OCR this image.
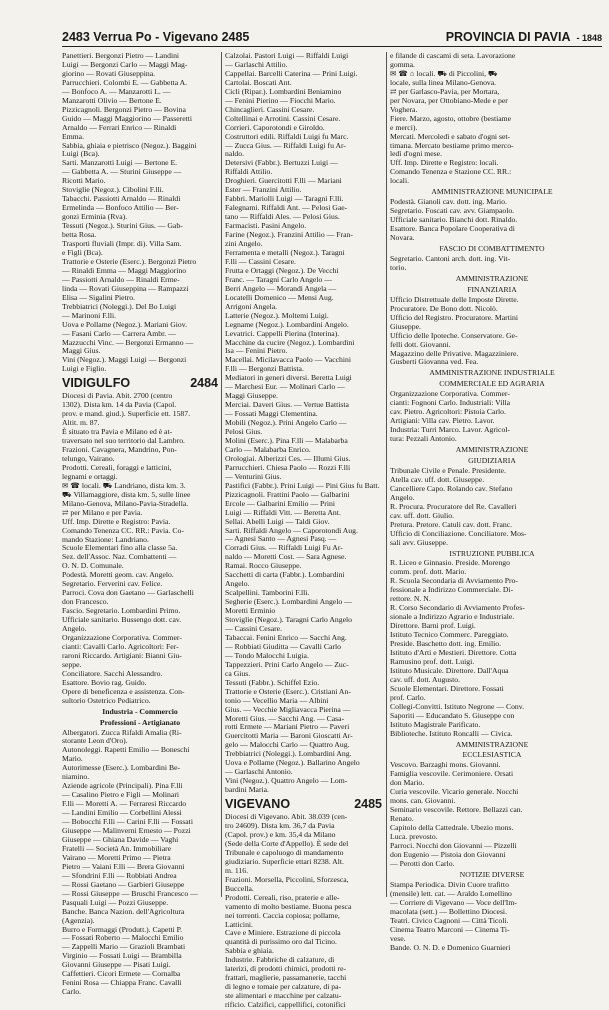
2483 Verrua Po - Vigevano 2485	PROVINCIA DI PAVIA - 1848

Panettieri. Bergonzi Pietro — Landini

Luigi — Bergonzi Carlo — Maggi Mag-

giorino — Rovati Giuseppina.

Parrucchieri. Colombi E. — Gabbetta A.

— Bonfoco A. — Manzarotti L. —

Manzarotti Olivio — Bertone E.

Pizzicagnoli. Bergonzi Pietro — Bovina

Guido — Maggi Maggiorino — Passeretti

Arnaldo — Ferrari Enrico — Rinaldi

Emma.

Sabbia, ghiaia e pietrisco (Negoz.). Baggini

Luigi (Bca).

Sarti. Manzarotti Luigi — Bertone E.

— Gabbetta A. — Sturini Giuseppe —

Ricotti Mario.

Stoviglie (Negoz.). Cibolini F.lli.

Tabacchi. Passiotti Arnaldo — Rinaldi

Ermelinda — Bonfoco Attilio — Ber-

gonzi Erminia (Rva).

Tessuti (Negoz.). Sturini Gius. — Gab-

betta Rosa.

Trasporti fluviali (Impr. di). Villa Sam.

e Figli (Bca).

Trattorie e Osterie (Eserc.). Bergonzi Pietro

— Rinaldi Emma — Maggi Maggiorino

— Passiotti Arnaldo — Rinaldi Erme-

linda — Rovati Giuseppina — Rampazzi

Elisa — Sigalini Pietro.

Trebbiatrici (Noleggi.). Del Bo Luigi

— Marinoni F.lli.

Uova e Pollame (Negoz.). Mariani Giov.

— Fasani Carlo — Carrera Ambr. —

Mazzucchi Vinc. — Bergonzi Ermanno —

Maggi Gius.

Vini (Negoz.). Maggi Luigi — Bergonzi

Luigi e Figlio.

VIDIGULFO	2484

Diocesi di Pavia. Abit. 2700 (centro

1302). Dista km. 14 da Pavia (Capol.

prov. e mand. giud.). Superficie ett. 1587.

Altit. m. 87.

È situato tra Pavia e Milano ed è at-

traversato nel suo territorio dal Lambro.

Frazioni. Cavagnera, Mandrino, Pon-

telungo, Vairano.

Prodotti. Cereali, foraggi e latticini,

legnami e ortaggi.

✉ ☎ locali. ⛟ Landriano, dista km. 3.

⛟ Villamaggiore, dista km. 5, sulle linee

Milano-Genova, Milano-Pavia-Stradella.

⇄ per Milano e per Pavia.

Uff. Imp. Dirette e Registro: Pavia.

Comando Tenenza CC. RR.: Pavia. Co-

mando Stazione: Landriano.

Scuole Elementari fino alla classe 5a.

Sez. dell'Assoc. Naz. Combattenti —

O. N. D. Comunale.

Podestà. Moretti geom. cav. Angelo.

Segretario. Ferverini cav. Felice.

Parroci. Cova don Gaetano — Garlaschelli

don Francesco.

Fascio. Segretario. Lombardini Primo.

Ufficiale sanitario. Bussengo dott. cav.

Angelo.

Organizzazione Corporativa. Commer-

cianti: Cavalli Carlo. Agricoltori: Fer-

raroni Riccardo. Artigiani: Bianni Giu-

seppe.

Conciliatore. Sacchi Alessandro.

Esattore. Bovio rag. Guido.

Opere di beneficenza e assistenza. Con-

sultorio Ostetrico Pediatrico.

Industria - Commercio
Professioni - Artigianato

Albergatori. Zucca Rifaldi Amalia (Ri-

storante Leon d'Oro).

Autonoleggi. Rapetti Emilio — Boneschi

Mario.

Autorimesse (Eserc.). Lombardini Be-

niamino.

Aziende agricole (Principali). Pina F.lli

— Casalino Pietro e Figli — Molinari

F.lli — Moretti A. — Ferraresi Riccardo

— Landini Emilio — Corbellini Alessi

— Bobocchi F.lli — Carini F.lli — Fossati

Giuseppe — Malinverni Ernesto — Pozzi

Giuseppe — Ghiana Davide — Vaghi

Fratelli — Società An. Immobiliare

Vairano — Moretti Primo — Pietra

Pietro — Vaiani F.lli — Brera Giovanni

— Sfondrini F.lli — Robbiati Andrea

— Rossi Gaetano — Garbieri Giuseppe

— Rossi Giuseppe — Bruschi Francesco —

Pasquali Luigi — Pozzi Giuseppe.

Banche. Banca Nazion. dell'Agricoltura

(Agenzia).

Burro e Formaggi (Produtt.). Capetti P.

— Fossati Roberto — Malocchi Emilio

— Zappelli Mario — Grazioli Brambati

Virginio — Fossati Luigi — Brambilla

Giovanni Giuseppe — Pisati Luigi.

Caffettieri. Cicori Ermete — Cornalba

Fenini Rosa — Chiappa Franc. Cavalli

Carlo.

Calzolai. Pastori Luigi — Riffaldi Luigi

— Garlaschi Attilio.

Cappellai. Barcelli Caterina — Prini Luigi.

Cartolai. Boscati Ant.

Cicli (Ripar.). Lombardini Beniamino

— Fenini Pierino — Fiocchi Mario.

Chincaglieri. Cassini Cesare.

Coltellinai e Arrotini. Cassini Cesare.

Corrieri. Caporotondi e Giroldo.

Costruttori edili. Riffaldi Luigi fu Marc.

— Zucca Gius. — Riffaldi Luigi fu Ar-

naldo.

Detersivi (Fabbr.). Bertuzzi Luigi —

Riffaldi Attilio.

Droghieri. Guercitotti F.lli — Mariani

Ester — Franzini Attilio.

Fabbri. Mariolli Luigi — Taragni F.lli.

Falegnami. Riffaldi Ant. — Pelosi Gae-

tano — Riffaldi Ales. — Pelosi Gius.

Farmacisti. Pasini Angelo.

Farine (Negoz.). Franzini Attilio — Fran-

zini Angelo.

Ferramenta e metalli (Negoz.). Taragni

F.lli — Cassini Cesare.

Frutta e Ortaggi (Negoz.). De Vecchi

Franc. — Taragni Carlo Angelo —

Berri Angelo — Morandi Angela —

Locatelli Domenico — Mensi Aug.

Arrigoni Angela.

Latterie (Negoz.). Moltemi Luigi.

Legname (Negoz.). Lombardini Angelo.

Levatrici. Cappelli Pierina (Interina).

Macchine da cucire (Negoz.). Lombardini

Isa — Fenini Pietro.

Macellai. Micilavacca Paolo — Vacchini

F.lli — Bergonzi Battista.

Mediatori in generi diversi. Beretta Luigi

— Marchesi Eur. — Molinari Carlo —

Maggi Giuseppe.

Merciai. Daveri Gius. — Vertue Battista

— Fossati Maggi Clementina.

Mobili (Negoz.). Prini Angelo Carlo —

Pelosi Gius.

Molini (Eserc.). Pina F.lli — Malabarba

Carlo — Malabarba Enrico.

Orologiai. Alberizzi Ces. — Illumi Gius.

Parrucchieri. Chiesa Paolo — Rozzi F.lli

— Venturini Gius.

Pastifici (Fabbr.). Prini Luigi — Pini Gius fu Batt.

Pizzicagnoli. Frattini Paolo — Galbarini

Ercole — Galbarini Emilio — Prini

Luigi — Riffaldi Vitt. — Beretta Ant.

Sellai. Abelli Luigi — Taldi Giov.

Sarti. Riffaldi Angelo — Caporotondi Aug.

— Agnesi Santo — Agnesi Pasq. —

Corradi Gius. — Riffaldi Luigi Fu Ar-

naldo — Moretti Cost. — Sara Agnese.

Ramai. Rocco Giuseppe.

Sacchetti di carta (Fabbr.). Lombardini

Angelo.

Scalpellini. Tamborini F.lli.

Segherie (Eserc.). Lombardini Angelo —

Moretti Erminio

Stoviglie (Negoz.). Taragni Carlo Angelo

— Cassini Cesare.

Tabaccai. Fenini Enrico — Sacchi Ang.

— Robbiati Giuditta — Cavalli Carlo

— Tondo Malocchi Luigia.

Tappezzieri. Prini Carlo Angelo — Zuc-

ca Gius.

Tessuti (Fabbr.). Schiffel Ezio.

Trattorie e Osterie (Eserc.). Cristiani An-

tonio — Vecellio Maria — Albini

Gius. — Vecchie Migliavacca Pierina —

Moretti Gius. — Sacchi Ang. — Casa-

rotti Ermete — Mariani Pietro — Paveri

Guercitotti Maria — Baroni Gioscatti Ar-

gelo — Malocchi Carlo — Quattro Aug.

Trebbiatrici (Noleggi.). Lombardini Ang.

Uova e Pollame (Negoz.). Ballarino Angelo

— Garlaschi Antonio.

Vini (Negoz.). Quattro Angelo — Lom-

bardini Maria.

VIGEVANO	2485

Diocesi di Vigevano. Abit. 38.039 (cen-

tro 24609). Dista km. 36,7 da Pavia

(Capol. prov.) e km. 35,4 da Milano

(Sede della Corte d'Appello). È sede del

Tribunale e capoluogo di mandamento

giudiziario. Superficie ettari 8238. Alt.

m. 116.

Frazioni. Morsella, Piccolini, Sforzesca,

Buccella.

Prodotti. Cereali, riso, praterie e alle-

vamento di molto bestiame. Buona pesca

nei torrenti. Caccia copiosa; pollame,

Latticini.

Cave e Miniere. Estrazione di piccola

quantità di purissimo oro dal Ticino.

Sabbia e ghiaia.

Industrie. Fabbriche di calzature, di

laterizi, di prodotti chimici, prodotti re-

frattari, maglierie, passamanerie, tacchi

di legno e tomaie per calzature, di pa-

ste alimentari e macchine per calzatu-

rificio. Calzifici, cappellifici, cotonifici

e filande di cascami di seta. Lavorazione

gomma.

✉ ☎ ⌂ locali. ⛟ di Piccolini, ⛟

locale, sulla linea Milano-Genova.

⇄ per Garlasco-Pavia, per Mortara,

per Novara, per Ottobiano-Mede e per

Voghera.

Fiere. Marzo, agosto, ottobre (bestiame

e merci).

Mercati. Mercoledì e sabato d'ogni set-

timana. Mercato bestiame primo merco-

ledì d'ogni mese.

Uff. Imp. Dirette e Registro: locali.

Comando Tenenza e Stazione CC. RR.:

locali.

AMMINISTRAZIONE MUNICIPALE

Podestà. Gianoli cav. dott. ing. Mario.

Segretario. Foscati cav. avv. Giampaolo.

Ufficiale sanitario. Bianchi dott. Rinaldo.

Esattore. Banca Popolare Cooperativa di

Novara.

FASCIO DI COMBATTIMENTO

Segretario. Cantoni arch. dott. ing. Vit-

torio.

AMMINISTRAZIONE
FINANZIARIA

Ufficio Distrettuale delle Imposte Dirette.

Procuratore. De Bono dott. Nicolò.

Ufficio del Registro. Procuratore. Martini

Giuseppe.

Ufficio delle Ipoteche. Conservatore. Ge-

felli dott. Giovanni.

Magazzino delle Privative. Magazziniere.

Gusberti Giovanna ved. Fea.

AMMINISTRAZIONE INDUSTRIALE
COMMERCIALE ED AGRARIA

Organizzazione Corporativa. Commer-

cianti: Fognoni Carlo. Industriali: Villa

cav. Pietro. Agricoltori: Pistoia Carlo.

Artigiani: Villa cav. Pietro. Lavor.

Industria: Turri Marco. Lavor. Agricol-

tura: Pezzali Antonio.

AMMINISTRAZIONE
GIUDIZIARIA

Tribunale Civile e Penale. Presidente.

Atella cav. uff. dott. Giuseppe.

Cancelliere Capo. Rolando cav. Stefano

Angelo.

R. Procura. Procuratore del Re. Cavalleri

cav. uff. dott. Giulio.

Pretura. Pretore. Catuli cav. dott. Franc.

Ufficio di Conciliazione. Conciliatore. Mos-

sali avv. Giuseppe.

ISTRUZIONE PUBBLICA

R. Liceo e Ginnasio. Preside. Morengo

comm. prof. dott. Mario.

R. Scuola Secondaria di Avviamento Pro-

fessionale a Indirizzo Commerciale. Di-

rettore. N. N.

R. Corso Secondario di Avviamento Profes-

sionale a Indirizzo Agrario e Industriale.

Direttore. Barni prof. Luigi.

Istituto Tecnico Commerc. Pareggiato.

Preside. Baschetto dott. ing. Emilio.

Istituto d'Arti e Mestieri. Direttore. Cotta

Ramusino prof. dott. Luigi.

Istituto Musicale. Direttore. Dall'Aqua

cav. uff. dott. Augusto.

Scuole Elementari. Direttore. Fossati

prof. Carlo.

Collegi-Convitti. Istituto Negrone — Conv.

Saporiti — Educandato S. Giuseppe con

Istituto Magistrale Parificato.

Biblioteche. Istituto Roncalli — Civica.

AMMINISTRAZIONE
ECCLESIASTICA

Vescovo. Barzaghi mons. Giovanni.

Famiglia vescovile. Cerimoniere. Orsati

don Mario.

Curia vescovile. Vicario generale. Nocchi

mons. can. Giovanni.

Seminario vescovile. Rettore. Bellazzi can.

Renato.

Capitolo della Cattedrale. Ubezio mons.

Luca. prevosto.

Parroci. Nocchi don Giovanni — Pizzelli

don Eugenio — Pistoia don Giovanni

— Perotti don Carlo.

NOTIZIE DIVERSE

Stampa Periodica. Divin Cuore trafitto

(mensile) lett. cat. — Araldo Lomellino

— Corriere di Vigevano — Voce dell'Im-

macolata (sett.) — Bollettino Diocesi.

Teatri. Civico Cagnoni — Città Ticoli.

Cinema Teatro Marconi — Cinema Ti-

vese.

Bande. O. N. D. e Domenico Guarnieri
